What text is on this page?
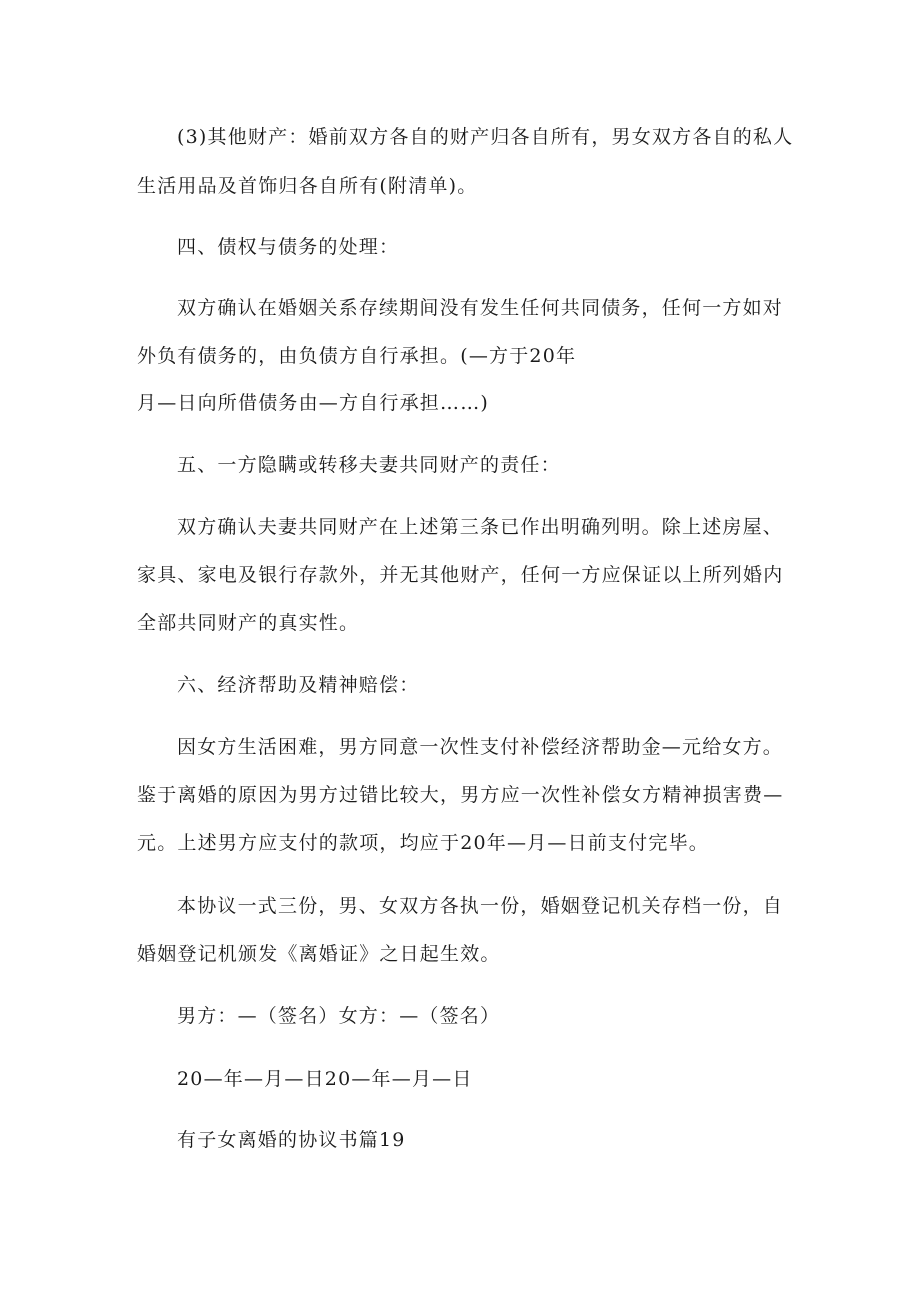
(3)其他财产：婚前双方各自的财产归各自所有，男女双方各自的私人
生活用品及首饰归各自所有(附清单)。
四、债权与债务的处理：
双方确认在婚姻关系存续期间没有发生任何共同债务，任何一方如对
外负有债务的，由负债方自行承担。(—方于20年
月—日向所借债务由—方自行承担……)
五、一方隐瞒或转移夫妻共同财产的责任：
双方确认夫妻共同财产在上述第三条已作出明确列明。除上述房屋、
家具、家电及银行存款外，并无其他财产，任何一方应保证以上所列婚内
全部共同财产的真实性。
六、经济帮助及精神赔偿：
因女方生活困难，男方同意一次性支付补偿经济帮助金—元给女方。
鉴于离婚的原因为男方过错比较大，男方应一次性补偿女方精神损害费—
元。上述男方应支付的款项，均应于20年—月—日前支付完毕。
本协议一式三份，男、女双方各执一份，婚姻登记机关存档一份，自
婚姻登记机颁发《离婚证》之日起生效。
男方：—（签名）女方：—（签名）
20—年—月—日20—年—月—日
有子女离婚的协议书篇19
